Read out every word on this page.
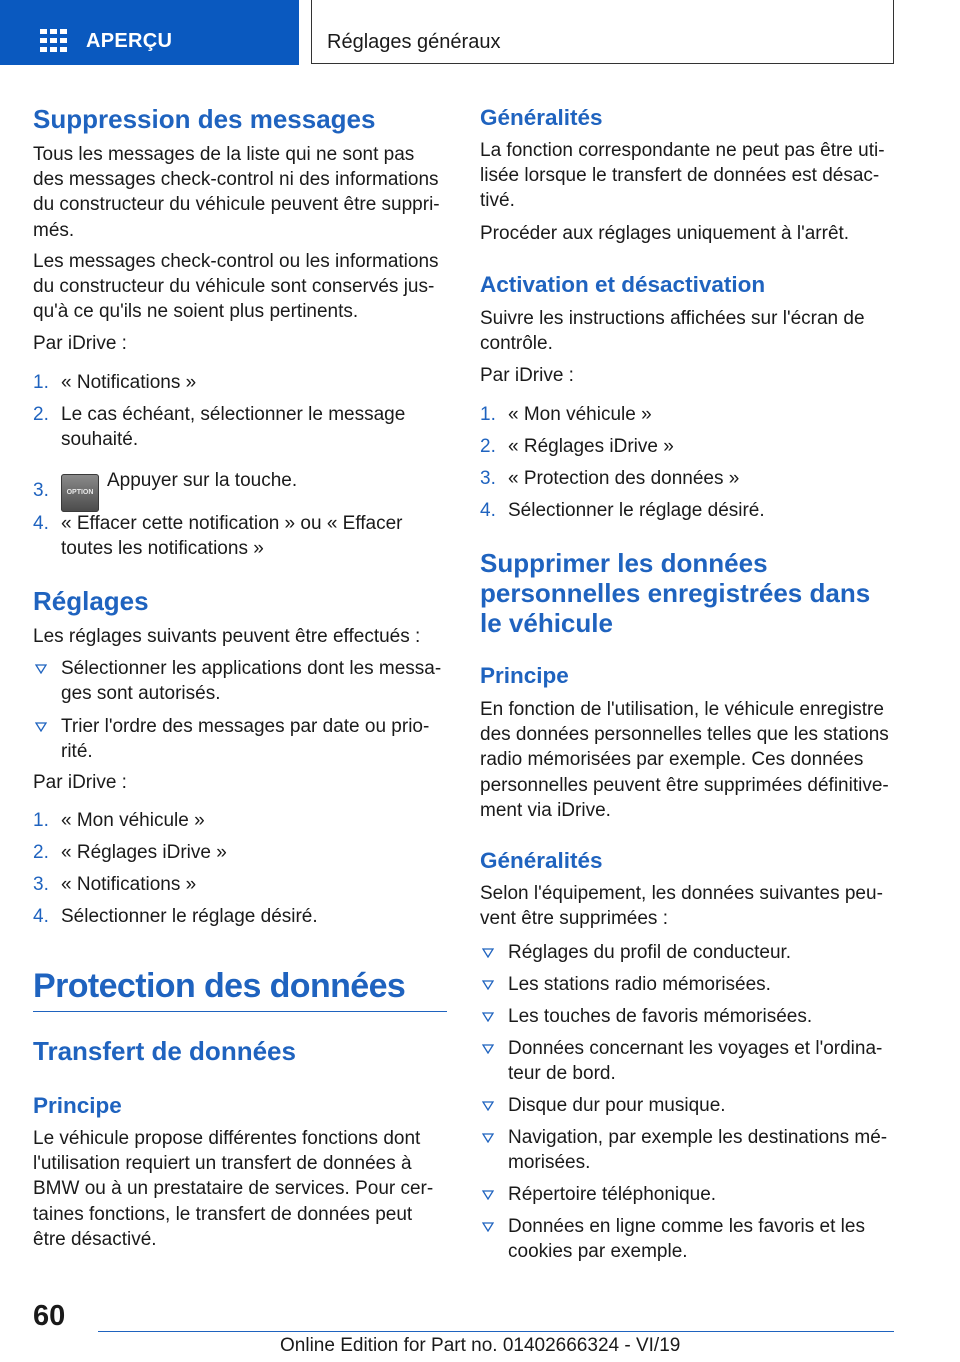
APERÇU	Réglages généraux
Suppression des messages

Tous les messages de la liste qui ne sont pas des messages check-control ni des informations du constructeur du véhicule peuvent être suppri-més.

Les messages check-control ou les informations du constructeur du véhicule sont conservés jus-qu'à ce qu'ils ne soient plus pertinents.

Par iDrive :

1. « Notifications »
2. Le cas échéant, sélectionner le message souhaité.
3.	OPTIONAppuyer sur la touche.
4. « Effacer cette notification » ou « Effacer toutes les notifications »
Réglages

Les réglages suivants peuvent être effectués :

Sélectionner les applications dont les messa-ges sont autorisés.
Trier l'ordre des messages par date ou prio-rité.

Par iDrive :

1. « Mon véhicule »
2. « Réglages iDrive »
3. « Notifications »
4. Sélectionner le réglage désiré.
Protection des données
Transfert de données
Principe

Le véhicule propose différentes fonctions dont l'utilisation requiert un transfert de données à BMW ou à un prestataire de services. Pour cer-taines fonctions, le transfert de données peut être désactivé.

Généralités

La fonction correspondante ne peut pas être uti-lisée lorsque le transfert de données est désac-tivé.

Procéder aux réglages uniquement à l'arrêt.

Activation et désactivation

Suivre les instructions affichées sur l'écran de contrôle.

Par iDrive :

1. « Mon véhicule »
2. « Réglages iDrive »
3. « Protection des données »
4. Sélectionner le réglage désiré.
Supprimer les données personnelles enregistrées dans le véhicule
Principe

En fonction de l'utilisation, le véhicule enregistre des données personnelles telles que les stations radio mémorisées par exemple. Ces données personnelles peuvent être supprimées définitive-ment via iDrive.

Généralités

Selon l'équipement, les données suivantes peu-vent être supprimées :

Réglages du profil de conducteur.
Les stations radio mémorisées.
Les touches de favoris mémorisées.
Données concernant les voyages et l'ordina-teur de bord.
Disque dur pour musique.
Navigation, par exemple les destinations mé-morisées.
Répertoire téléphonique.
Données en ligne comme les favoris et les cookies par exemple.
60
Online Edition for Part no. 01402666324 - VI/19
